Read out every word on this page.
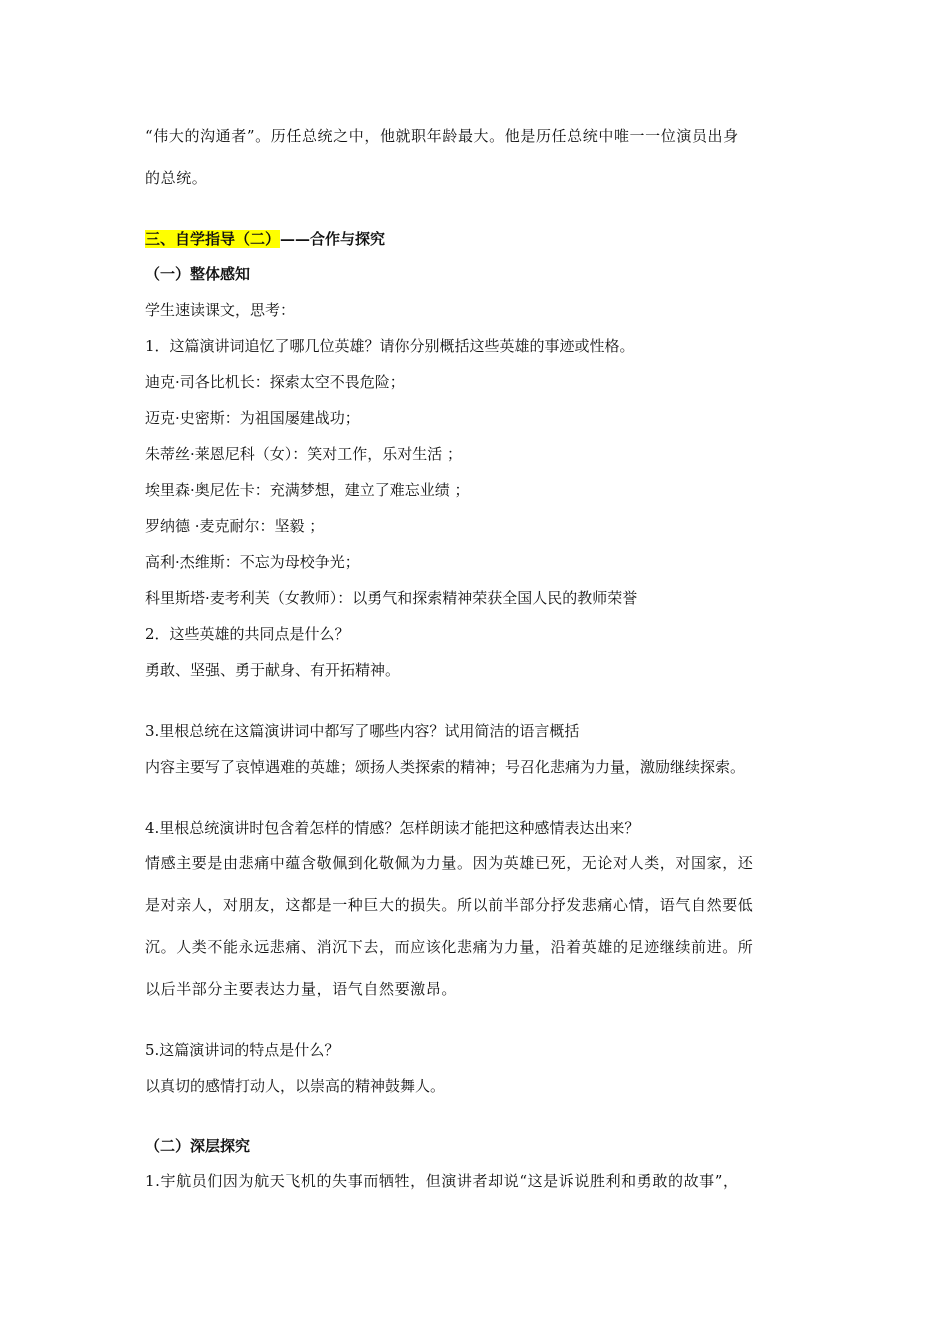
“伟大的沟通者”。历任总统之中，他就职年龄最大。他是历任总统中唯一一位演员出身
的总统。
三、自学指导（二）——合作与探究
（一）整体感知
学生速读课文，思考：
1．这篇演讲词追忆了哪几位英雄？请你分别概括这些英雄的事迹或性格。
迪克·司各比机长：探索太空不畏危险；
迈克·史密斯：为祖国屡建战功；
朱蒂丝·莱恩尼科（女）：笑对工作，乐对生活 ；
埃里森·奥尼佐卡：充满梦想，建立了难忘业绩 ；
罗纳德 ·麦克耐尔：坚毅 ；
高利·杰维斯：不忘为母校争光；
科里斯塔·麦考利芙（女教师）：以勇气和探索精神荣获全国人民的教师荣誉
2．这些英雄的共同点是什么？
勇敢、坚强、勇于献身、有开拓精神。
3.里根总统在这篇演讲词中都写了哪些内容？试用简洁的语言概括
内容主要写了哀悼遇难的英雄；颂扬人类探索的精神；号召化悲痛为力量，激励继续探索。
4.里根总统演讲时包含着怎样的情感？怎样朗读才能把这种感情表达出来？
情感主要是由悲痛中蕴含敬佩到化敬佩为力量。因为英雄已死，无论对人类，对国家，还
是对亲人，对朋友，这都是一种巨大的损失。所以前半部分抒发悲痛心情，语气自然要低
沉。人类不能永远悲痛、消沉下去，而应该化悲痛为力量，沿着英雄的足迹继续前进。所
以后半部分主要表达力量，语气自然要激昂。
5.这篇演讲词的特点是什么？
以真切的感情打动人，以崇高的精神鼓舞人。
（二）深层探究
1.宇航员们因为航天飞机的失事而牺牲，但演讲者却说“这是诉说胜利和勇敢的故事”，
